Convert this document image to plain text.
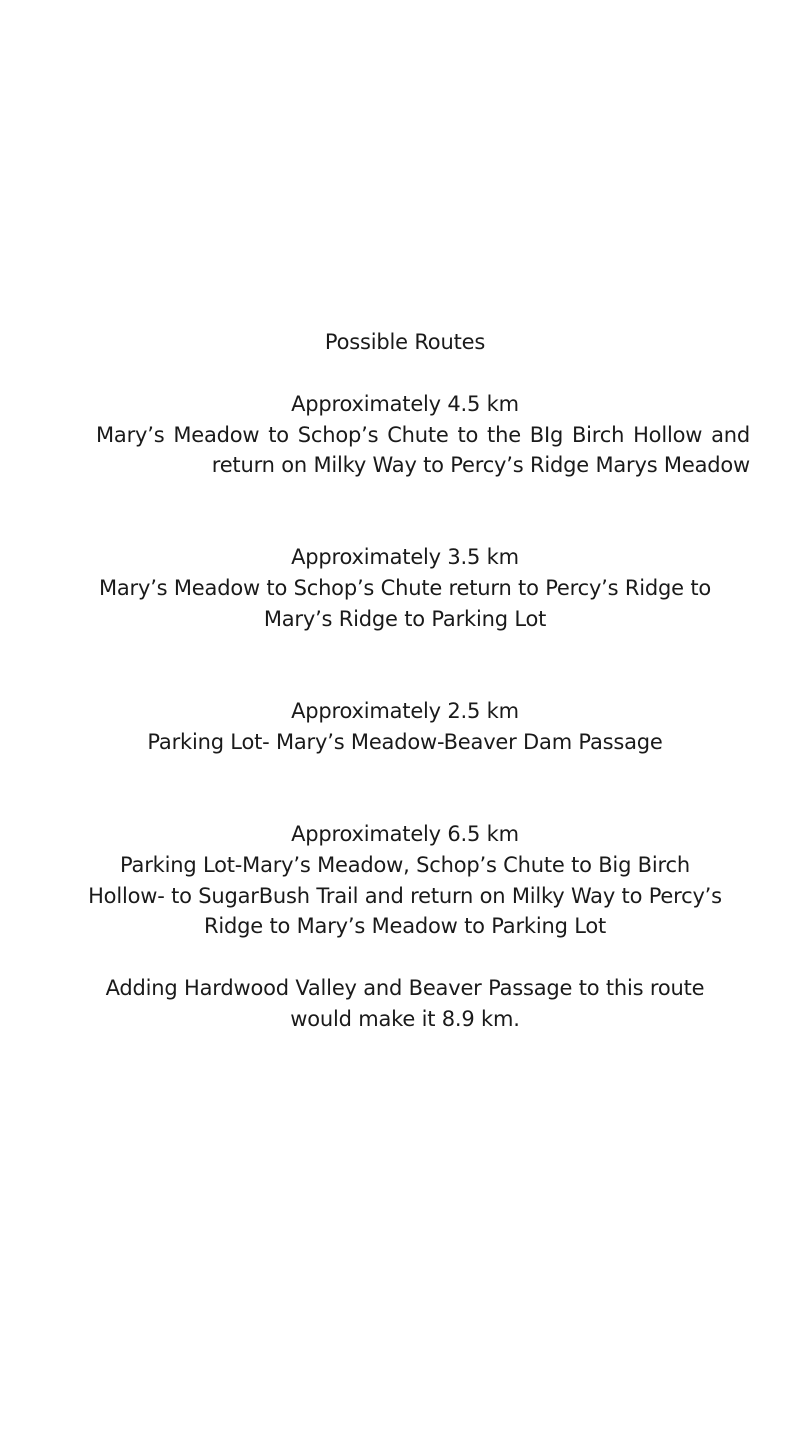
Possible Routes
Approximately 4.5 km
Mary’s Meadow to Schop’s Chute to the BIg Birch Hollow and
return on Milky Way to Percy’s Ridge Marys Meadow
Approximately 3.5 km
Mary’s Meadow to Schop’s Chute return to Percy’s Ridge to
Mary’s Ridge to Parking Lot
Approximately 2.5 km
Parking Lot- Mary’s Meadow-Beaver Dam Passage
Approximately 6.5 km
Parking Lot-Mary’s Meadow, Schop’s Chute to Big Birch
Hollow- to SugarBush Trail and return on Milky Way to Percy’s
Ridge to Mary’s Meadow to Parking Lot
Adding Hardwood Valley and Beaver Passage to this route
would make it 8.9 km.
